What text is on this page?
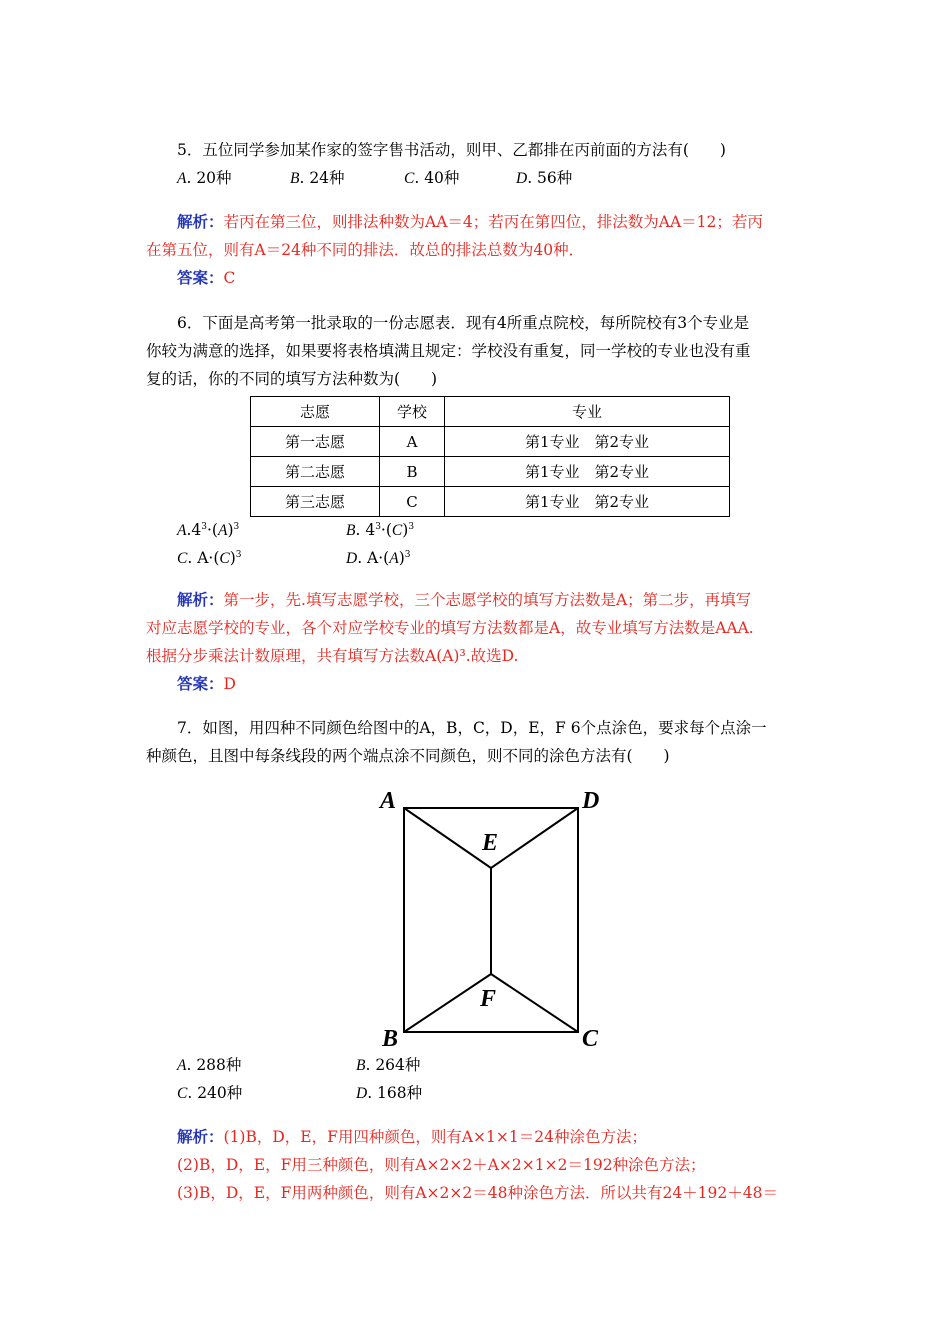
5．五位同学参加某作家的签字售书活动，则甲、乙都排在丙前面的方法有(　　)
A. 20种	B. 24种	C. 40种	D. 56种
解析：若丙在第三位，则排法种数为AA＝4；若丙在第四位，排法数为AA＝12；若丙
在第五位，则有A＝24种不同的排法．故总的排法总数为40种．
答案：C
6．下面是高考第一批录取的一份志愿表．现有4所重点院校，每所院校有3个专业是
你较为满意的选择，如果要将表格填满且规定：学校没有重复，同一学校的专业也没有重
复的话，你的不同的填写方法种数为(　　)
志愿	学校	专业
第一志愿	A	第1专业　第2专业
第二志愿	B	第1专业　第2专业
第三志愿	C	第1专业　第2专业
$A.4^3\cdot(A)^3$	B. $4^3\cdot(C)^3$
C. $A\cdot(C)^3$	D. $A\cdot(A)^3$
解析：第一步，先.填写志愿学校，三个志愿学校的填写方法数是A；第二步，再填写
对应志愿学校的专业，各个对应学校专业的填写方法数都是A，故专业填写方法数是AAA.
根据分步乘法计数原理，共有填写方法数A(A)³.故选D.
答案：D
7．如图，用四种不同颜色给图中的A，B，C，D，E，F 6个点涂色，要求每个点涂一
种颜色，且图中每条线段的两个端点涂不同颜色，则不同的涂色方法有(　　)
A	D
E
F
B	C
A. 288种	B. 264种
C. 240种	D. 168种
解析：(1)B，D，E，F用四种颜色，则有A×1×1＝24种涂色方法；
(2)B，D，E，F用三种颜色，则有A×2×2＋A×2×1×2＝192种涂色方法；
(3)B，D，E，F用两种颜色，则有A×2×2＝48种涂色方法．所以共有24＋192＋48＝
